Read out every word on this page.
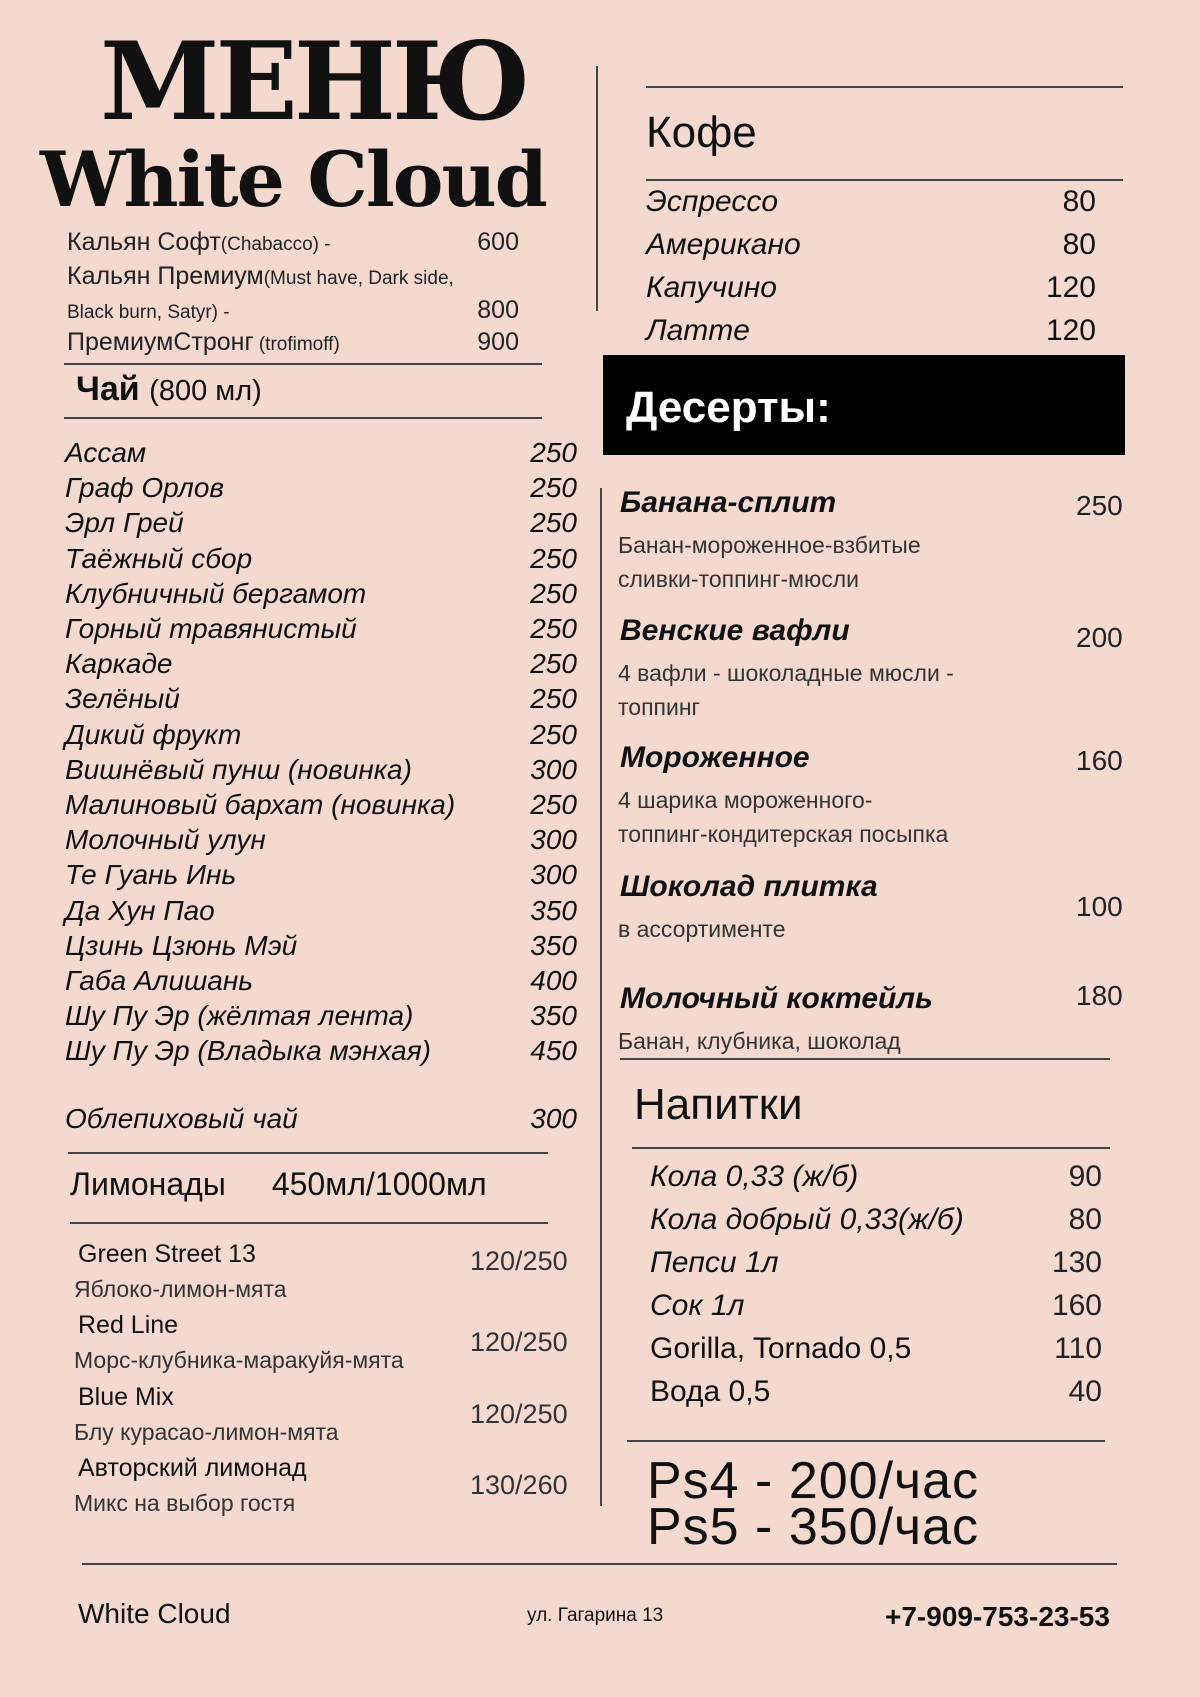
МЕНЮ
White Cloud
Кальян Софт(Chabacco) -	600
Кальян Премиум(Must have, Dark side,
Black burn, Satyr) -	800
ПремиумСтронг (trofimoff)	900
Чай (800 мл)
Ассам	250
Граф Орлов	250
Эрл Грей	250
Таёжный сбор	250
Клубничный бергамот	250
Горный травянистый	250
Каркаде	250
Зелёный	250
Дикий фрукт	250
Вишнёвый пунш (новинка)	300
Малиновый бархат (новинка)	250
Молочный улун	300
Те Гуань Инь	300
Да Хун Пао	350
Цзинь Цзюнь Мэй	350
Габа Алишань	400
Шу Пу Эр (жёлтая лента)	350
Шу Пу Эр (Владыка мэнхая)	450
Облепиховый чай	300
Лимонады 450мл/1000мл
Green Street 13
Яблоко-лимон-мята
120/250
Red Line
Морс-клубника-маракуйя-мята
120/250
Blue Mix
Блу курасао-лимон-мята
120/250
Авторский лимонад
Микс на выбор гостя
130/260
Кофе
Эспрессо	80
Американо	80
Капучино	120
Латте	120
Десерты:
Банана-сплит	250
Банан-мороженное-взбитые
сливки-топпинг-мюсли
Венские вафли	200
4 вафли - шоколадные мюсли -
топпинг
Мороженное	160
4 шарика мороженного-
топпинг-кондитерская посыпка
Шоколад плитка
100
в ассортименте
Молочный коктейль	180
Банан, клубника, шоколад
Напитки
Кола 0,33 (ж/б)	90
Кола добрый 0,33(ж/б)	80
Пепси 1л	130
Сок 1л	160
Gorilla, Tornado 0,5	110
Вода 0,5	40
Ps4 - 200/час
Ps5 - 350/час
White Cloud	ул. Гагарина 13	+7-909-753-23-53
